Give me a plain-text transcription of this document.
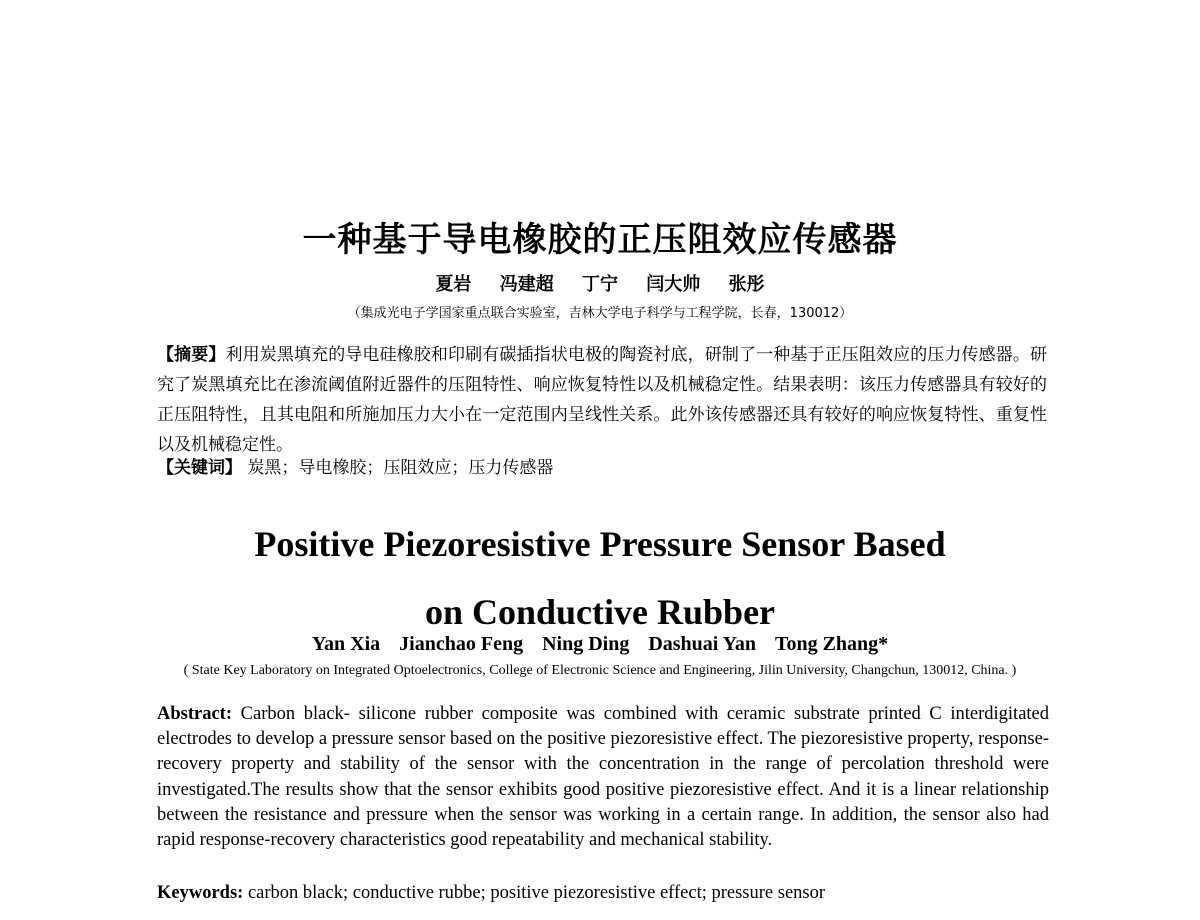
一种基于导电橡胶的正压阻效应传感器
夏岩 冯建超 丁宁 闫大帅 张彤
（集成光电子学国家重点联合实验室，吉林大学电子科学与工程学院，长春，130012）
【摘要】利用炭黑填充的导电硅橡胶和印刷有碳插指状电极的陶瓷衬底，研制了一种基于正压阻效应的压力传感器。研究了炭黑填充比在渗流阈值附近器件的压阻特性、响应恢复特性以及机械稳定性。结果表明：该压力传感器具有较好的正压阻特性，且其电阻和所施加压力大小在一定范围内呈线性关系。此外该传感器还具有较好的响应恢复特性、重复性以及机械稳定性。
【关键词】 炭黑；导电橡胶；压阻效应；压力传感器
Positive Piezoresistive Pressure Sensor Based
on Conductive Rubber
Yan Xia Jianchao Feng Ning Ding Dashuai Yan Tong Zhang*
( State Key Laboratory on Integrated Optoelectronics, College of Electronic Science and Engineering, Jilin University, Changchun, 130012, China. )
Abstract: Carbon black- silicone rubber composite was combined with ceramic substrate printed C interdigitated electrodes to develop a pressure sensor based on the positive piezoresistive effect. The piezoresistive property, response-recovery property and stability of the sensor with the concentration in the range of percolation threshold were investigated.The results show that the sensor exhibits good positive piezoresistive effect. And it is a linear relationship between the resistance and pressure when the sensor was working in a certain range. In addition, the sensor also had rapid response-recovery characteristics good repeatability and mechanical stability.
Keywords: carbon black; conductive rubbe; positive piezoresistive effect; pressure sensor
